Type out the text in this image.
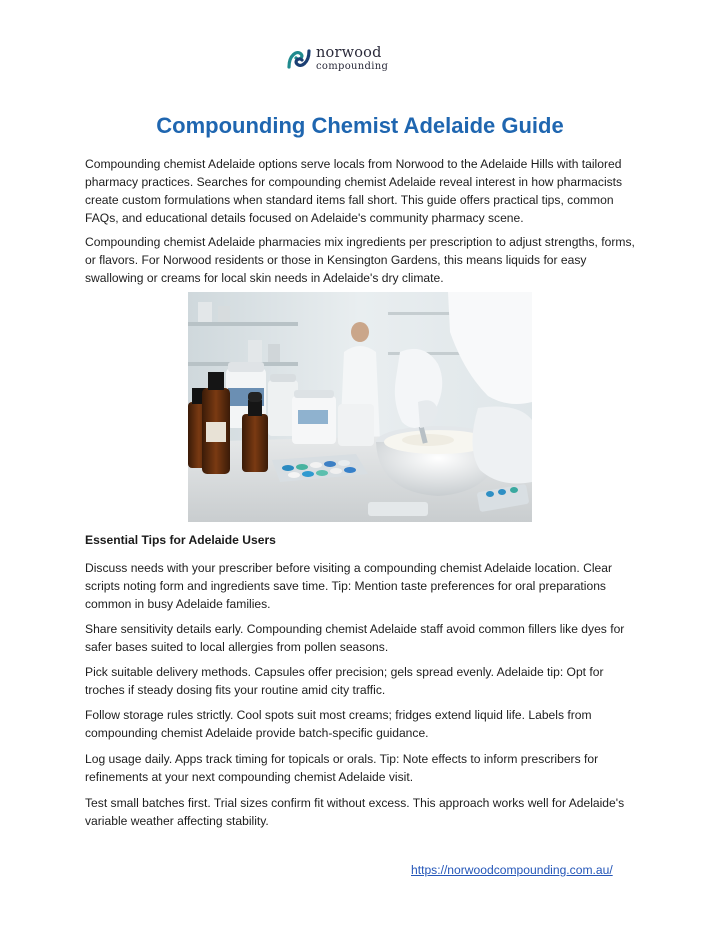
norwood
compounding
Compounding Chemist Adelaide Guide

Compounding chemist Adelaide options serve locals from Norwood to the Adelaide Hills with tailored pharmacy practices. Searches for compounding chemist Adelaide reveal interest in how pharmacists create custom formulations when standard items fall short. This guide offers practical tips, common FAQs, and educational details focused on Adelaide's community pharmacy scene.

Compounding chemist Adelaide pharmacies mix ingredients per prescription to adjust strengths, forms, or flavors. For Norwood residents or those in Kensington Gardens, this means liquids for easy swallowing or creams for local skin needs in Adelaide's dry climate.

Essential Tips for Adelaide Users

Discuss needs with your prescriber before visiting a compounding chemist Adelaide location. Clear scripts noting form and ingredients save time. Tip: Mention taste preferences for oral preparations common in busy Adelaide families.

Share sensitivity details early. Compounding chemist Adelaide staff avoid common fillers like dyes for safer bases suited to local allergies from pollen seasons.

Pick suitable delivery methods. Capsules offer precision; gels spread evenly. Adelaide tip: Opt for troches if steady dosing fits your routine amid city traffic.

Follow storage rules strictly. Cool spots suit most creams; fridges extend liquid life. Labels from compounding chemist Adelaide provide batch-specific guidance.

Log usage daily. Apps track timing for topicals or orals. Tip: Note effects to inform prescribers for refinements at your next compounding chemist Adelaide visit.

Test small batches first. Trial sizes confirm fit without excess. This approach works well for Adelaide's variable weather affecting stability.

https://norwoodcompounding.com.au/
